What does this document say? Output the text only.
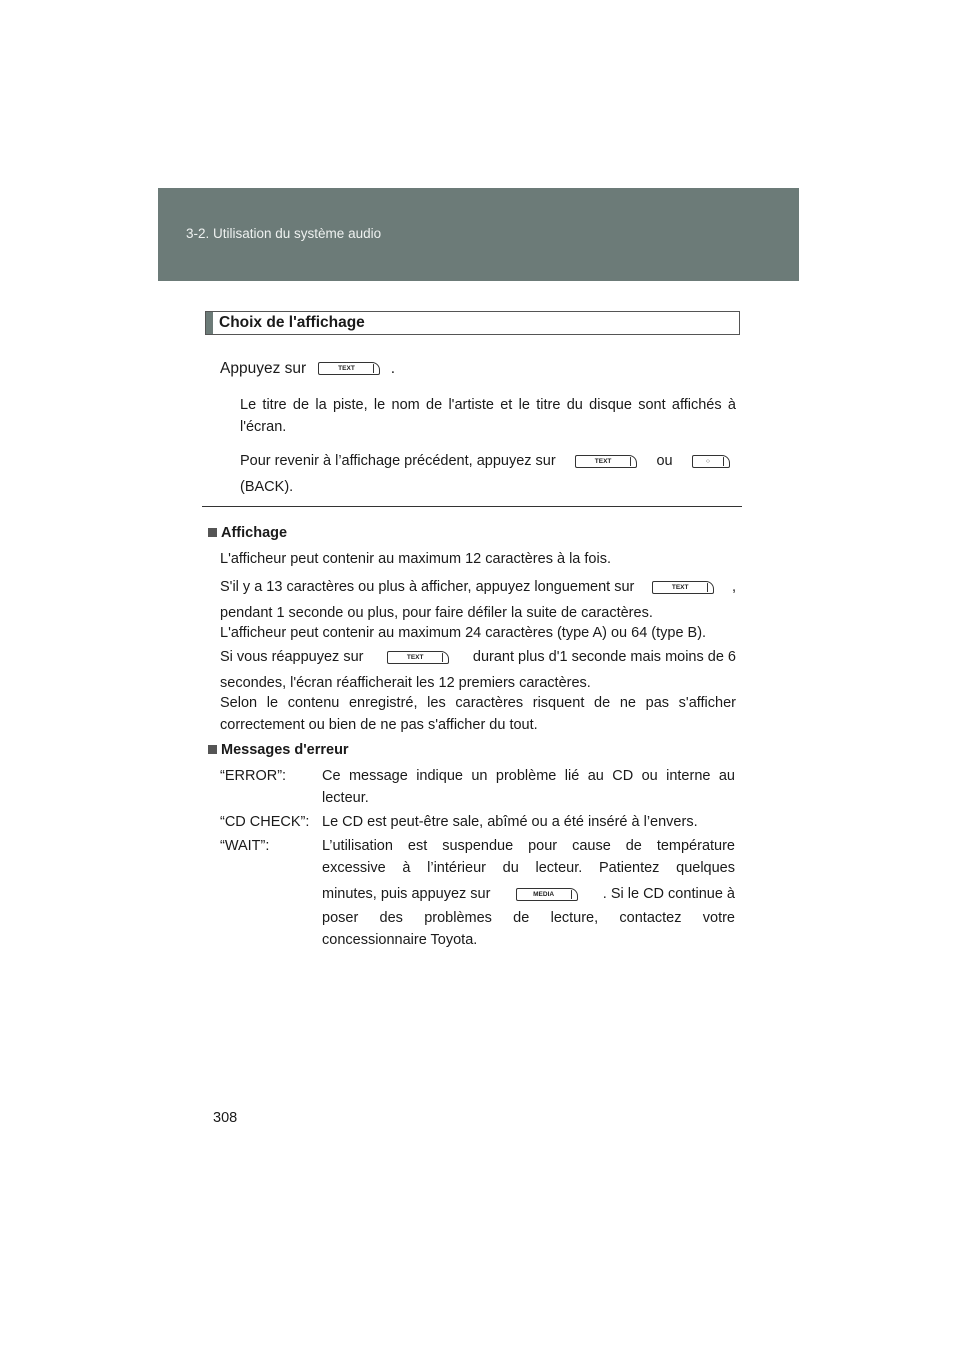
3-2. Utilisation du système audio
Choix de l'affichage
Appuyez sur	TEXT	.
Le titre de la piste, le nom de l'artiste et le titre du disque sont affichés à l'écran.
Pour revenir à l’affichage précédent, appuyez sur	TEXT	ou	○
(BACK).
Affichage
L'afficheur peut contenir au maximum 12 caractères à la fois.
S'il y a 13 caractères ou plus à afficher, appuyez longuement sur	TEXT	,
pendant 1 seconde ou plus, pour faire défiler la suite de caractères.
L'afficheur peut contenir au maximum 24 caractères (type A) ou 64 (type B).
Si vous réappuyez sur	TEXT	durant plus d'1 seconde mais moins de 6
secondes, l'écran réafficherait les 12 premiers caractères.
Selon le contenu enregistré, les caractères risquent de ne pas s'afficher correctement ou bien de ne pas s'afficher du tout.
Messages d'erreur
“ERROR”: Ce message indique un problème lié au CD ou interne au lecteur.
“CD CHECK”: Le CD est peut-être sale, abîmé ou a été inséré à l’envers.
“WAIT”:	L’utilisation est suspendue pour cause de température excessive à l’intérieur du lecteur. Patientez quelques
minutes, puis appuyez sur	MEDIA	. Si le CD continue à
poser des problèmes de lecture, contactez votre concessionnaire Toyota.
308
